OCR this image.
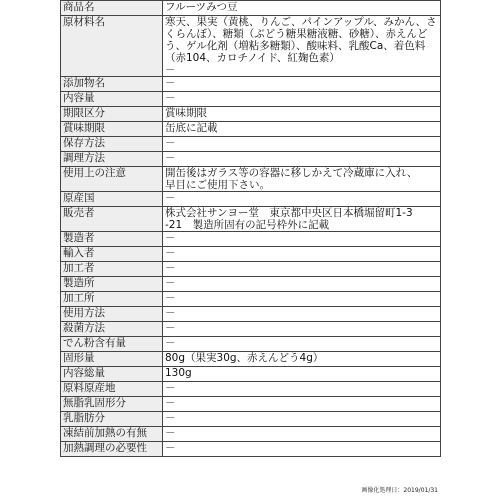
商品名	フルーツみつ豆

原材料名	寒天、果実（黄桃、りんご、パインアップル、みかん、さ
くらんぼ）、糖類（ぶどう糖果糖液糖、砂糖）、赤えんど
う、ゲル化剤（増粘多糖類）、酸味料、乳酸Ca、着色料
（赤104、カロチノイド、紅麹色素）
－

添加物名	－

内容量	－

期限区分	賞味期限

賞味期限	缶底に記載

保存方法	－

調理方法	－

使用上の注意	開缶後はガラス等の容器に移しかえて冷蔵庫に入れ、
早目にご使用下さい。

原産国	－

販売者	株式会社サンヨー堂　東京都中央区日本橋堀留町1-3
-21　製造所固有の記号枠外に記載

製造者	－

輸入者	－

加工者	－

製造所	－

加工所	－

使用方法	－

殺菌方法	－

でん粉含有量	－

固形量	80g（果実30g、赤えんどう4g）

内容総量	130g

原料原産地	－

無脂乳固形分	－

乳脂肪分	－

凍結前加熱の有無	－

加熱調理の必要性	－
画像化処理日：2019/01/31
